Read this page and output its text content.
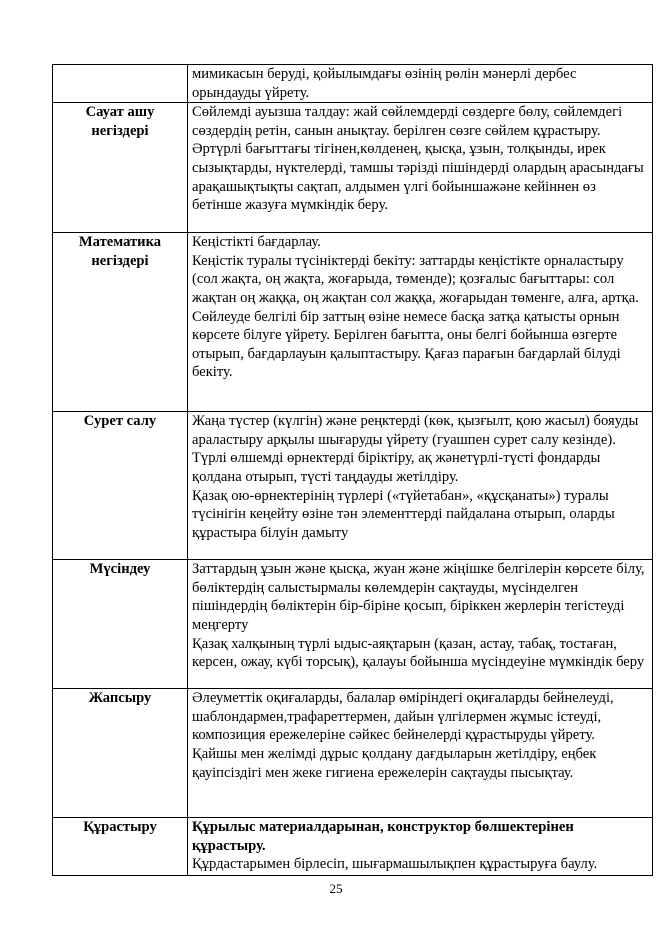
	мимикасын беруді, қойылымдағы өзінің рөлін мәнерлі дербес орындауды үйрету.

Сауат ашу негіздері	Сөйлемді ауызша талдау: жай сөйлемдерді сөздерге бөлу, сөйлемдегі сөздердің ретін, санын анықтау. берілген сөзге сөйлем құрастыру.
Әртүрлі бағыттағы тігінен,көлденең, қысқа, ұзын, толқынды, ирек сызықтарды, нүктелерді, тамшы тәрізді пішіндерді олардың арасындағы арақашықтықты сақтап, алдымен үлгі бойыншажәне кейіннен өз бетінше жазуға мүмкіндік беру.

Математика негіздері	Кеңістікті бағдарлау.
Кеңістік туралы түсініктерді бекіту: заттарды кеңістікте орналастыру (сол жақта, оң жақта, жоғарыда, төменде); қозғалыс бағыттары: сол жақтан оң жаққа, оң жақтан сол жаққа, жоғарыдан төменге, алға, артқа.
Сөйлеуде белгілі бір заттың өзіне немесе басқа затқа қатысты орнын көрсете білуге үйрету. Берілген бағытта, оны белгі бойынша өзгерте отырып, бағдарлауын қалыптастыру. Қағаз парағын бағдарлай білуді бекіту.

Сурет салу	Жаңа түстер (күлгін) және реңктерді (көк, қызғылт, қою жасыл) бояуды араластыру арқылы шығаруды үйрету (гуашпен сурет салу кезінде).
Түрлі өлшемді өрнектерді біріктіру, ақ жәнетүрлі-түсті фондарды қолдана отырып, түсті таңдауды жетілдіру.
Қазақ ою-өрнектерінің түрлері («түйетабан», «құсқанаты») туралы түсінігін кеңейту өзіне тән элементтерді пайдалана отырып, оларды құрастыра білуін дамыту

Мүсіндеу	Заттардың ұзын және қысқа, жуан және жіңішке белгілерін көрсете білу, бөліктердің салыстырмалы көлемдерін сақтауды, мүсінделген пішіндердің бөліктерін бір-біріне қосып, біріккен жерлерін тегістеуді меңгерту
Қазақ халқының түрлі ыдыс-аяқтарын (қазан, астау, табақ, тостаған, керсен, ожау, күбі торсық), қалауы бойынша мүсіндеуіне мүмкіндік беру

Жапсыру	Әлеуметтік оқиғаларды, балалар өміріндегі оқиғаларды бейнелеуді, шаблондармен,трафареттермен, дайын үлгілермен жұмыс істеуді, композиция ережелеріне сәйкес бейнелерді құрастыруды үйрету.
Қайшы мен желімді дұрыс қолдану дағдыларын жетілдіру, еңбек қауіпсіздігі мен жеке гигиена ережелерін сақтауды пысықтау.

Құрастыру	Құрылыс материалдарынан, конструктор бөлшектерінен құрастыру.
Құрдастарымен бірлесіп, шығармашылықпен құрастыруға баулу.
25
